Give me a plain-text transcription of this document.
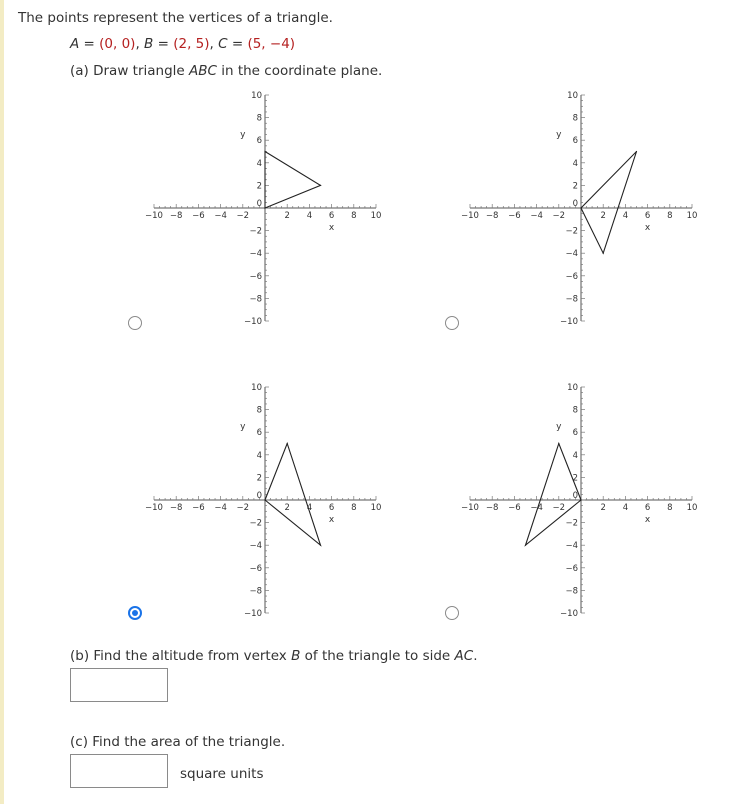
The points represent the vertices of a triangle.
A = (0, 0), B = (2, 5), C = (5, −4)
(a) Draw triangle ABC in the coordinate plane.
−10 −8 −6 −4 −2	2 4 6 8 10
10
8
6
4
2
−2
−4
−6
−8
−10
0
x
y
−10 −8 −6 −4 −2	2 4 6 8 10
10
8
6
4
2
−2
−4
−6
−8
−10
0
x
y
−10 −8 −6 −4 −2	2 4 6 8 10
10
8
6
4
2
−2
−4
−6
−8
−10
0
x
y
−10 −8 −6 −4 −2	2 4 6 8 10
10
8
6
4
2
−2
−4
−6
−8
−10
0
x
y
(b) Find the altitude from vertex B of the triangle to side AC.
(c) Find the area of the triangle.
square units
